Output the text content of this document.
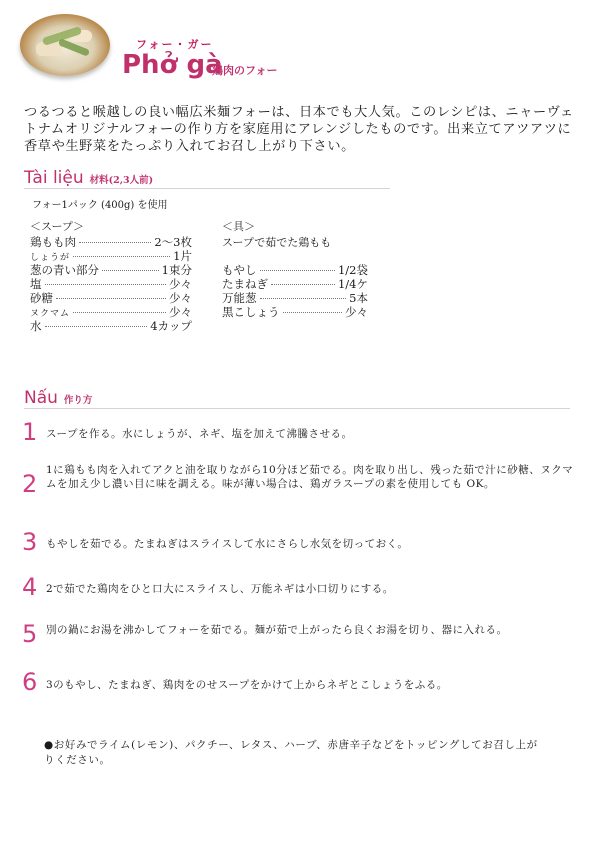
フォー・ガー
Phở gà
鶏肉のフォー

つるつると喉越しの良い幅広米麺フォーは、日本でも大人気。このレシピは、ニャーヴェトナムオリジナルフォーの作り方を家庭用にアレンジしたものです。出来立てアツアツに香草や生野菜をたっぷり入れてお召し上がり下さい。

Tài liệu 材料(2,3人前)
フォー1パック (400g) を使用
＜スープ＞	＜具＞
スープで茹でた鶏もも
鶏もも肉	2～3枚
しょうが	1片
葱の青い部分	1束分
塩	少々
砂糖	少々
ヌクマム	少々
水	4カップ
もやし	1/2袋
たまねぎ	1/4ケ
万能葱	5本
黒こしょう	少々
Nấu 作り方
1 スープを作る。水にしょうが、ネギ、塩を加えて沸騰させる。

2 1に鶏もも肉を入れてアクと油を取りながら10分ほど茹でる。肉を取り出し、残った茹で汁に砂糖、ヌクマムを加え少し濃い目に味を調える。味が薄い場合は、鶏ガラスープの素を使用しても OK。

3 もやしを茹でる。たまねぎはスライスして水にさらし水気を切っておく。

4 2で茹でた鶏肉をひと口大にスライスし、万能ネギは小口切りにする。

5 別の鍋にお湯を沸かしてフォーを茹でる。麺が茹で上がったら良くお湯を切り、器に入れる。

6 3のもやし、たまねぎ、鶏肉をのせスープをかけて上からネギとこしょうをふる。

●お好みでライム(レモン)、パクチー、レタス、ハーブ、赤唐辛子などをトッピングしてお召し上がりください。
